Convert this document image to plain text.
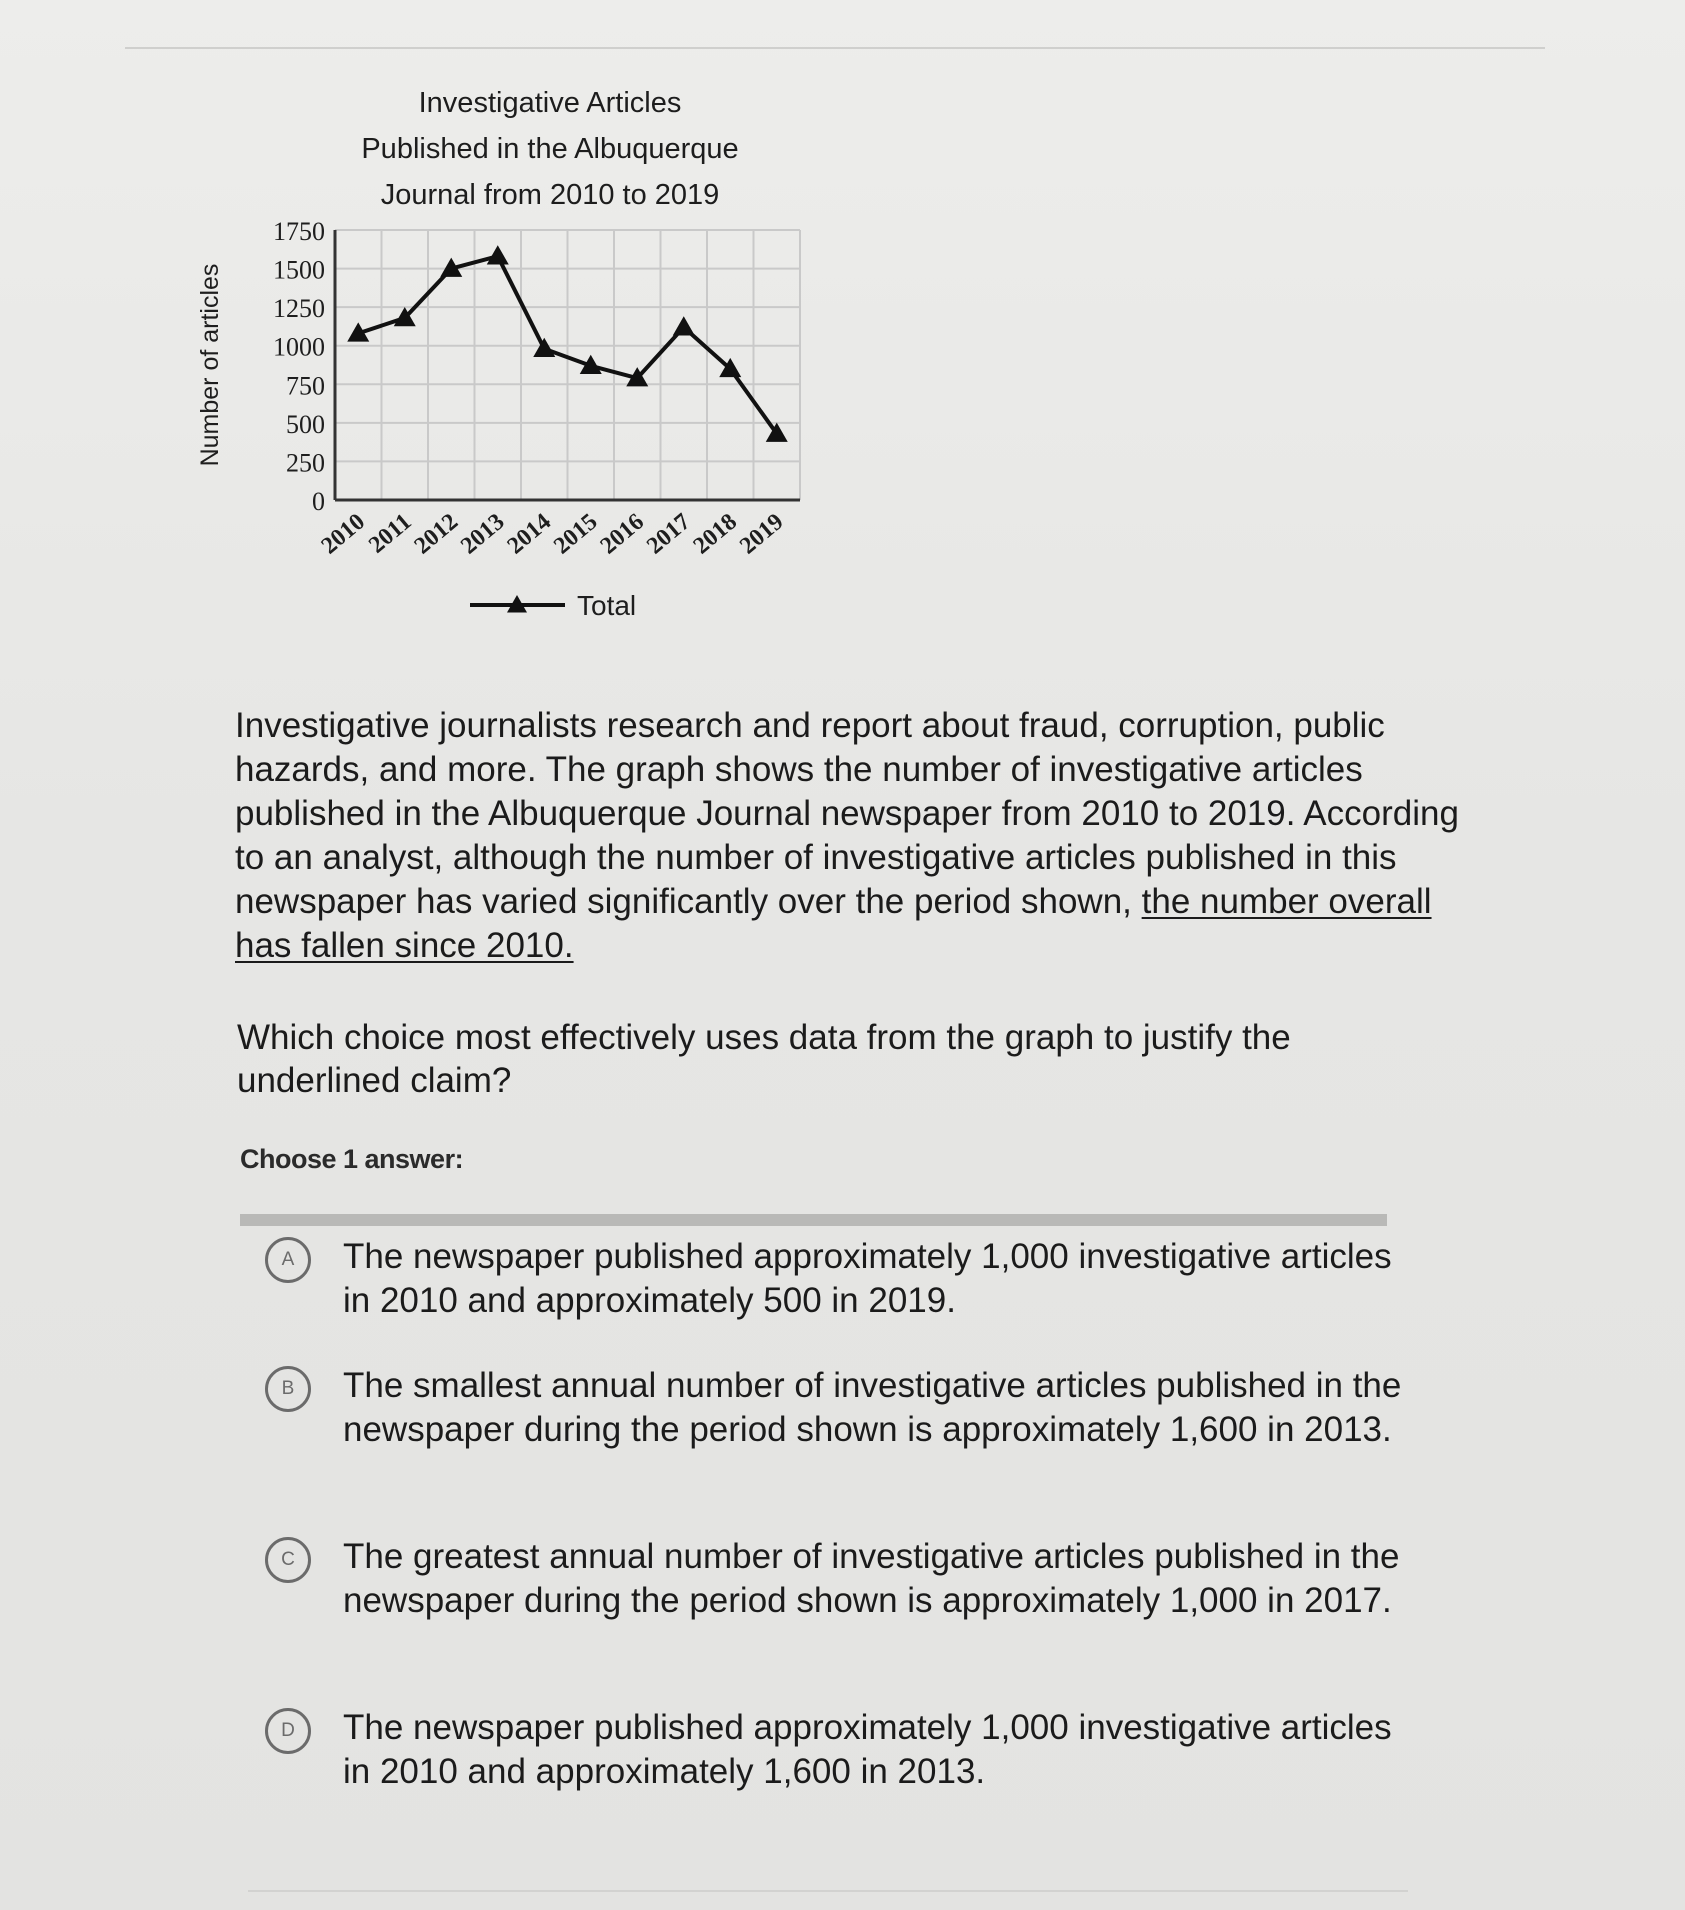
Investigative Articles
Published in the Albuquerque
Journal from 2010 to 2019
0
250
500
750
1000
1250
1500
1750
Number of articles
2010
2011
2012
2013
2014
2015
2016
2017
2018
2019
Total
Investigative journalists research and report about fraud, corruption, public hazards, and more. The graph shows the number of investigative articles published in the Albuquerque Journal newspaper from 2010 to 2019. According to an analyst, although the number of investigative articles published in this newspaper has varied significantly over the period shown, the number overall has fallen since 2010.
Which choice most effectively uses data from the graph to justify the underlined claim?
Choose 1 answer:
A	The newspaper published approximately 1,000 investigative articles in 2010 and approximately 500 in 2019.
B	The smallest annual number of investigative articles published in the newspaper during the period shown is approximately 1,600 in 2013.
C	The greatest annual number of investigative articles published in the newspaper during the period shown is approximately 1,000 in 2017.
D	The newspaper published approximately 1,000 investigative articles in 2010 and approximately 1,600 in 2013.
